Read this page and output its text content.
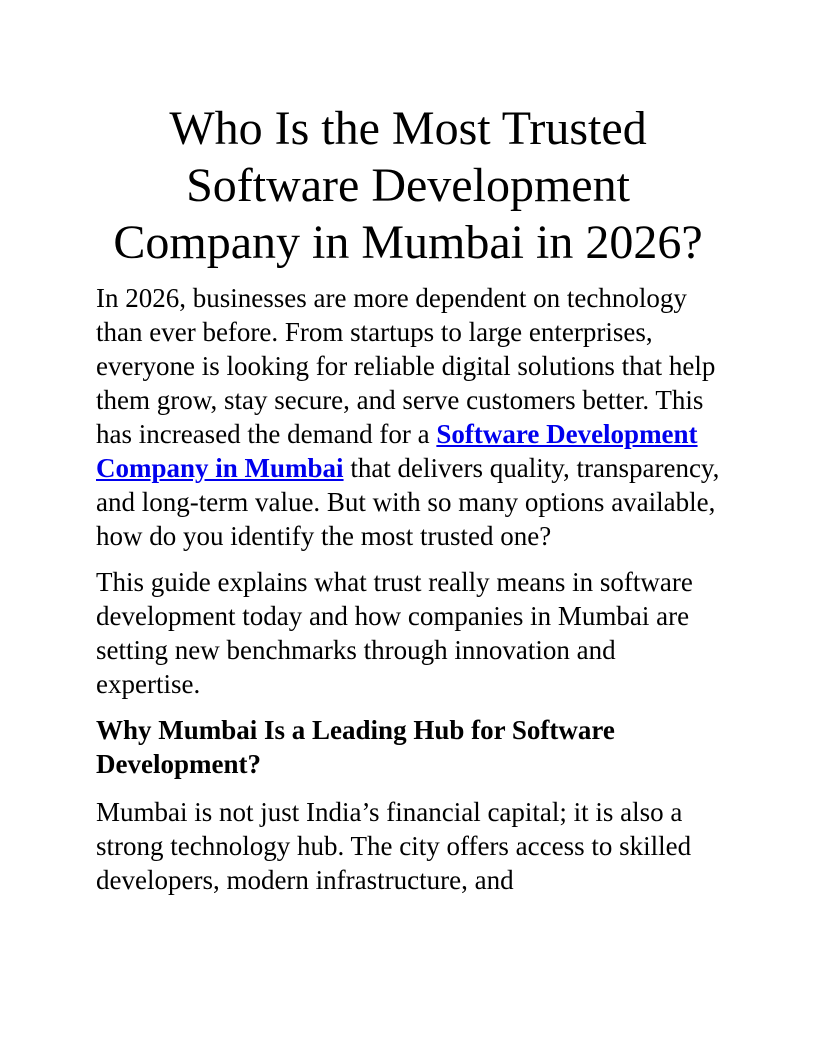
Who Is the Most Trusted
Software Development
Company in Mumbai in 2026?

In 2026, businesses are more dependent on technology than ever before. From startups to large enterprises, everyone is looking for reliable digital solutions that help them grow, stay secure, and serve customers better. This has increased the demand for a Software Development Company in Mumbai that delivers quality, transparency, and long-term value. But with so many options available, how do you identify the most trusted one?

This guide explains what trust really means in software development today and how companies in Mumbai are setting new benchmarks through innovation and expertise.

Why Mumbai Is a Leading Hub for Software Development?

Mumbai is not just India’s financial capital; it is also a strong technology hub. The city offers access to skilled developers, modern infrastructure, and
